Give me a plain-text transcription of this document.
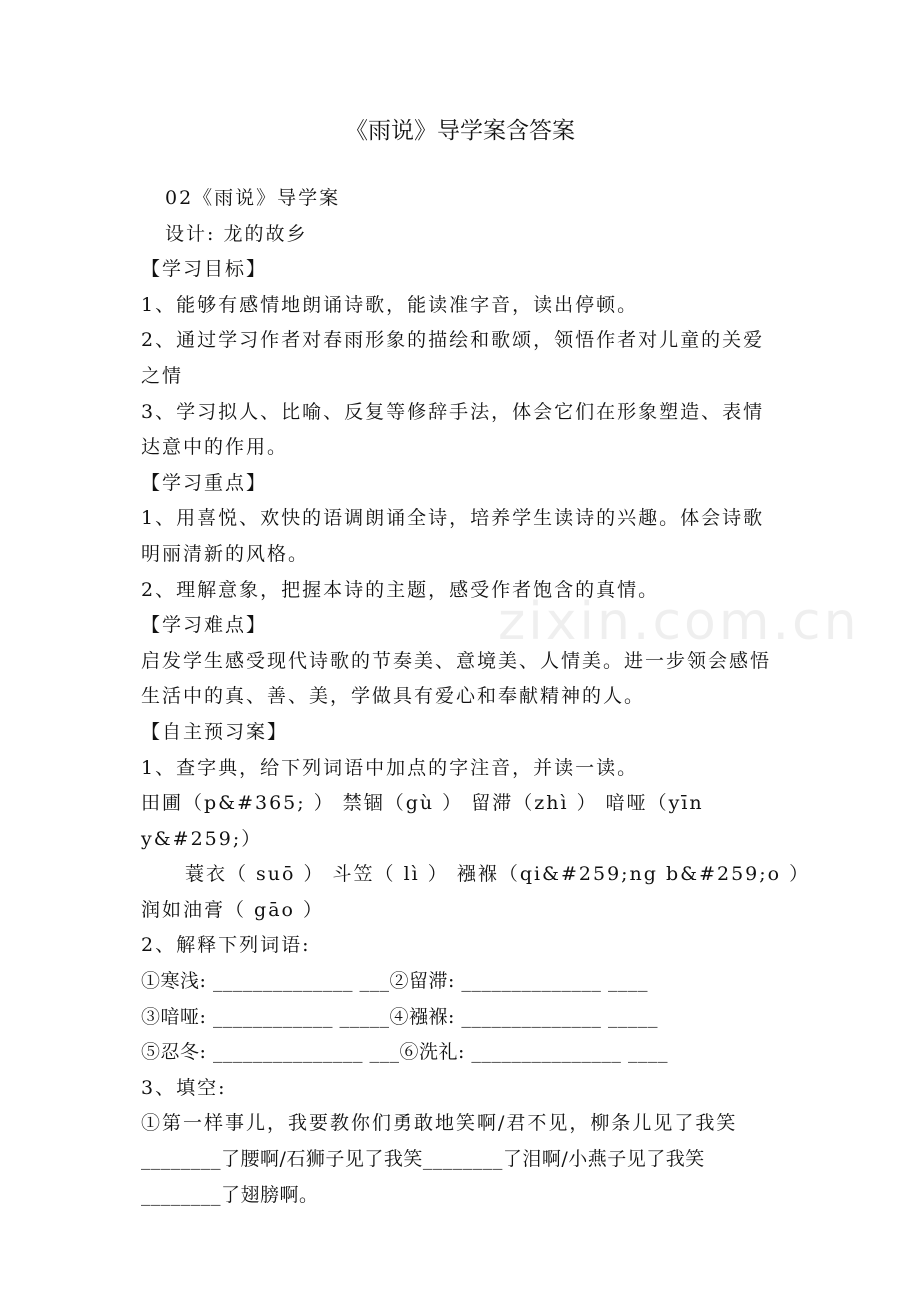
《雨说》导学案含答案
zixin.com.cn
02《雨说》导学案
设计: 龙的故乡
【学习目标】
1、能够有感情地朗诵诗歌，能读准字音，读出停顿。
2、通过学习作者对春雨形象的描绘和歌颂，领悟作者对儿童的关爱
之情
3、学习拟人、比喻、反复等修辞手法，体会它们在形象塑造、表情
达意中的作用。
【学习重点】
1、用喜悦、欢快的语调朗诵全诗，培养学生读诗的兴趣。体会诗歌
明丽清新的风格。
2、理解意象，把握本诗的主题，感受作者饱含的真情。
【学习难点】
启发学生感受现代诗歌的节奏美、意境美、人情美。进一步领会感悟
生活中的真、善、美，学做具有爱心和奉献精神的人。
【自主预习案】
1、查字典，给下列词语中加点的字注音，并读一读。
田圃（p&#365; ） 禁锢（gù ） 留滞（zhì ） 喑哑（yīn
y&#259;）
蓑衣（ suō ） 斗笠（ lì ） 襁褓（qi&#259;ng b&#259;o ）
润如油膏（ gāo ）
2、解释下列词语:
①寒浅: ______________ ___②留滞: ______________ ____
③喑哑: ____________ _____④襁褓: ______________ _____
⑤忍冬: _______________ ___⑥洗礼: _______________ ____
3、填空:
①第一样事儿，我要教你们勇敢地笑啊/君不见，柳条儿见了我笑
________了腰啊/石狮子见了我笑________了泪啊/小燕子见了我笑
________了翅膀啊。
